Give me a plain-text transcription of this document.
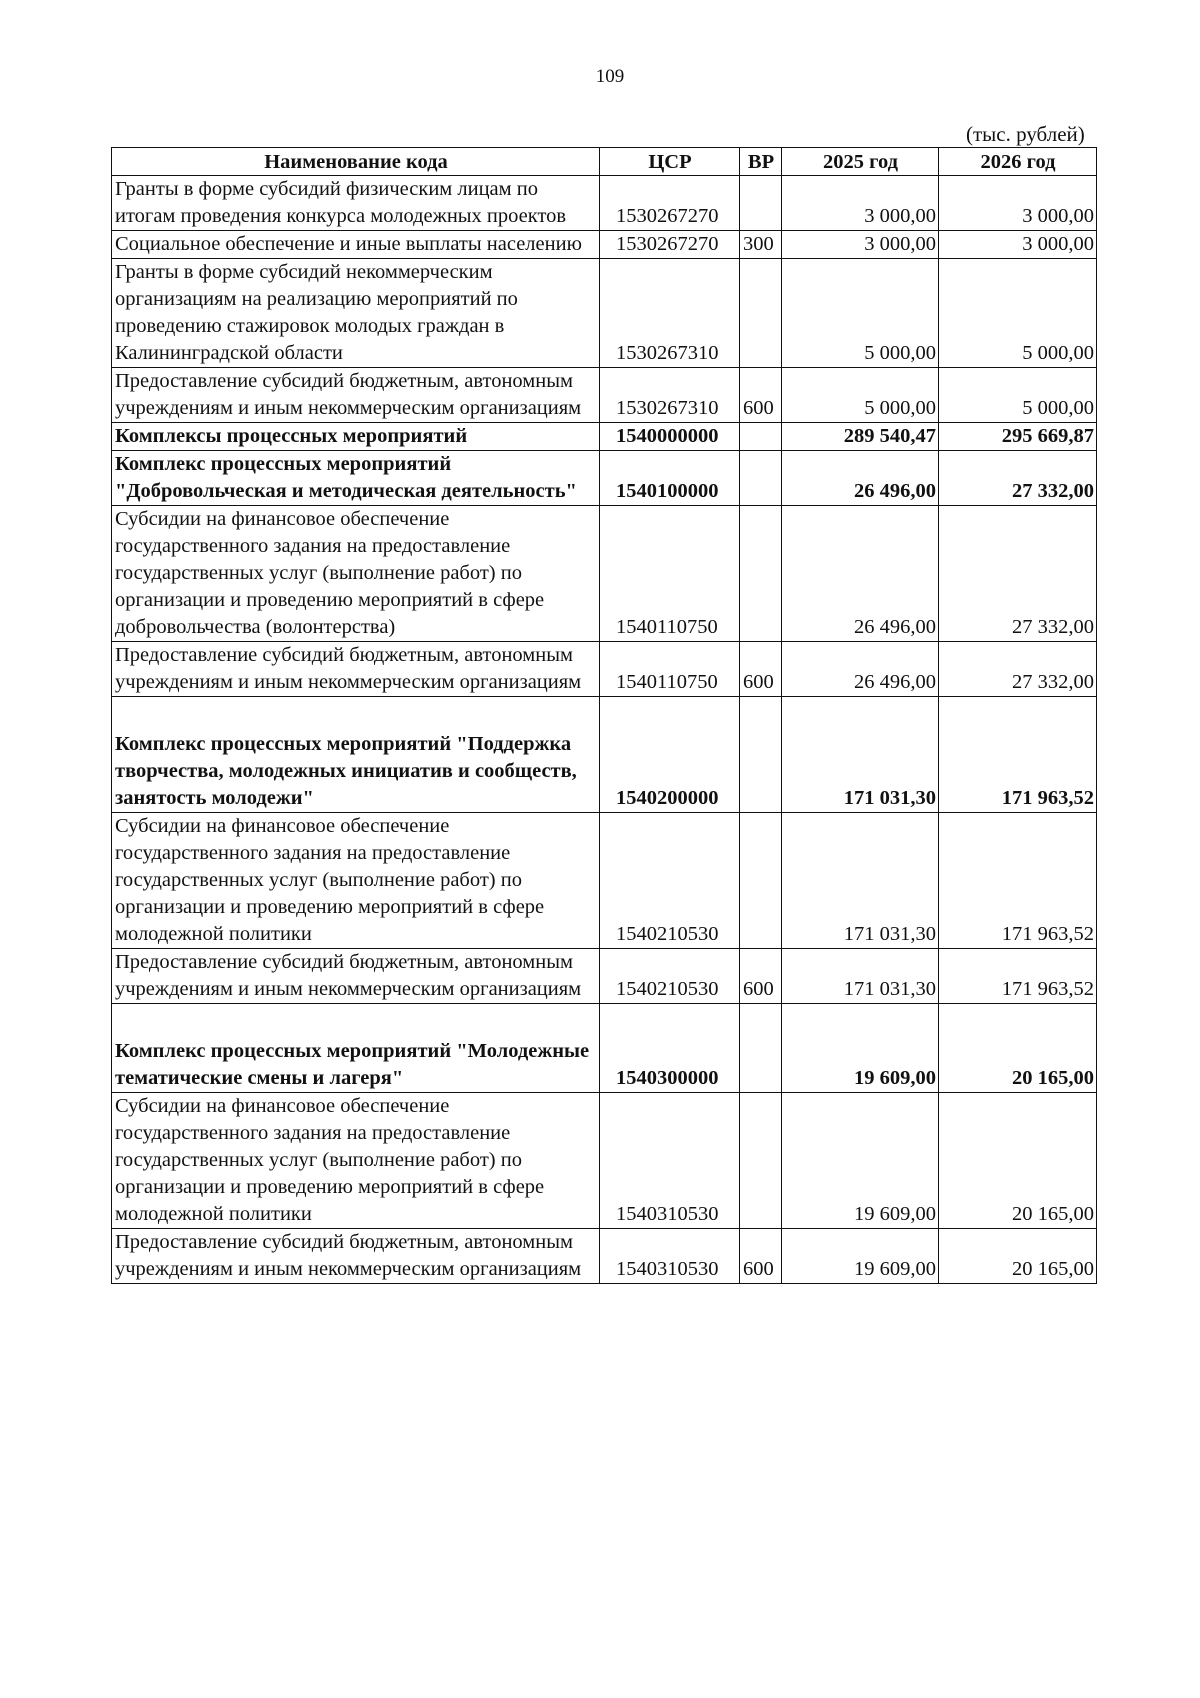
109
(тыс. рублей)
Наименование кода	ЦСР	ВР	2025 год	2026 год
Гранты в форме субсидий физическим лицам по итогам проведения конкурса молодежных проектов	1530267270		3 000,00	3 000,00
Социальное обеспечение и иные выплаты населению	1530267270	300	3 000,00	3 000,00
Гранты в форме субсидий некоммерческим организациям на реализацию мероприятий по проведению стажировок молодых граждан в Калининградской области	1530267310		5 000,00	5 000,00
Предоставление субсидий бюджетным, автономным учреждениям и иным некоммерческим организациям	1530267310	600	5 000,00	5 000,00
Комплексы процессных мероприятий	1540000000		289 540,47	295 669,87
Комплекс процессных мероприятий "Добровольческая и методическая деятельность"	1540100000		26 496,00	27 332,00
Субсидии на финансовое обеспечение государственного задания на предоставление государственных услуг (выполнение работ) по организации и проведению мероприятий в сфере добровольчества (волонтерства)	1540110750		26 496,00	27 332,00
Предоставление субсидий бюджетным, автономным учреждениям и иным некоммерческим организациям	1540110750	600	26 496,00	27 332,00
Комплекс процессных мероприятий "Поддержка творчества, молодежных инициатив и сообществ, занятость молодежи"	1540200000		171 031,30	171 963,52
Субсидии на финансовое обеспечение государственного задания на предоставление государственных услуг (выполнение работ) по организации и проведению мероприятий в сфере молодежной политики	1540210530		171 031,30	171 963,52
Предоставление субсидий бюджетным, автономным учреждениям и иным некоммерческим организациям	1540210530	600	171 031,30	171 963,52
Комплекс процессных мероприятий "Молодежные тематические смены и лагеря"	1540300000		19 609,00	20 165,00
Субсидии на финансовое обеспечение государственного задания на предоставление государственных услуг (выполнение работ) по организации и проведению мероприятий в сфере молодежной политики	1540310530		19 609,00	20 165,00
Предоставление субсидий бюджетным, автономным учреждениям и иным некоммерческим организациям	1540310530	600	19 609,00	20 165,00
